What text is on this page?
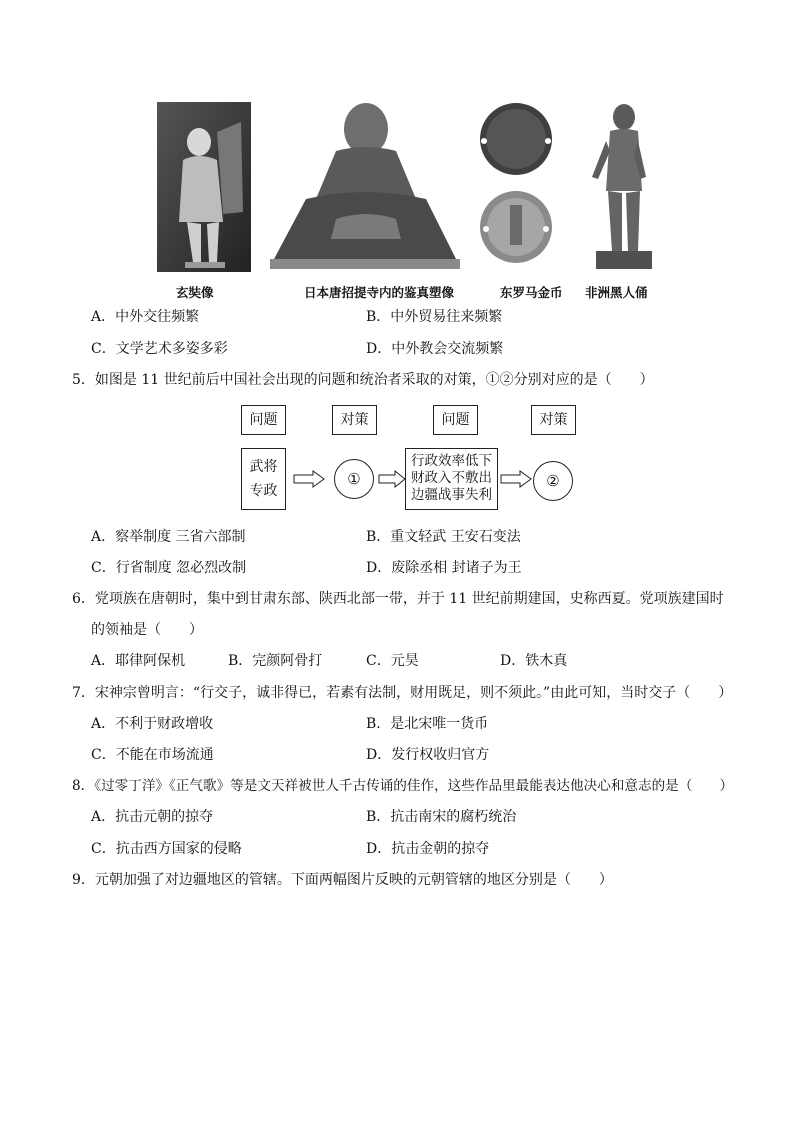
玄奘像	日本唐招提寺内的鉴真塑像	东罗马金币 非洲黑人俑
A．中外交往频繁	B．中外贸易往来频繁
C．文学艺术多姿多彩	D．中外教会交流频繁
5．如图是 11 世纪前后中国社会出现的问题和统治者采取的对策，①②分别对应的是（　　）
问题	对策	问题	对策
武将
专政
①
行政效率低下
财政入不敷出
边疆战事失利
②
A．察举制度 三省六部制	B．重文轻武 王安石变法
C．行省制度 忽必烈改制	D．废除丞相 封诸子为王
6．党项族在唐朝时，集中到甘肃东部、陕西北部一带，并于 11 世纪前期建国，史称西夏。党项族建国时
的领袖是（　　）
A．耶律阿保机	B．完颜阿骨打	C．元昊	D．铁木真
7．宋神宗曾明言：“行交子，诚非得已，若素有法制，财用既足，则不须此。”由此可知，当时交子（　　）
A．不利于财政增收	B．是北宋唯一货币
C．不能在市场流通	D．发行权收归官方
8．《过零丁洋》《正气歌》等是文天祥被世人千古传诵的佳作，这些作品里最能表达他决心和意志的是（　　）
A．抗击元朝的掠夺	B．抗击南宋的腐朽统治
C．抗击西方国家的侵略	D．抗击金朝的掠夺
9．元朝加强了对边疆地区的管辖。下面两幅图片反映的元朝管辖的地区分别是（　　）
